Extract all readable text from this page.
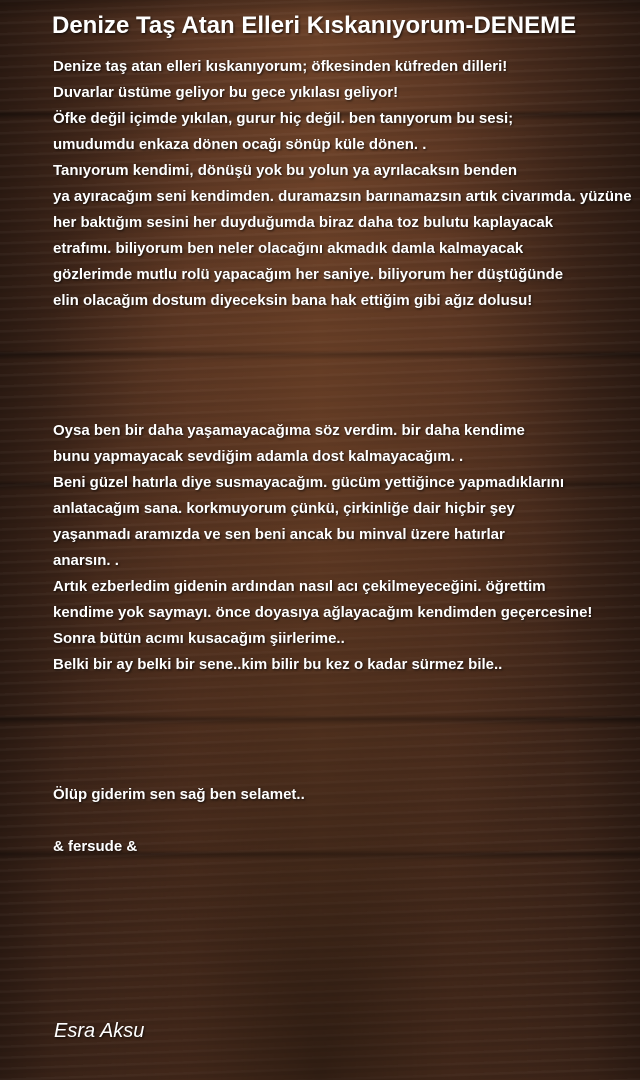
Denize Taş Atan Elleri Kıskanıyorum-DENEME
Denize taş atan elleri kıskanıyorum; öfkesinden küfreden dilleri!
Duvarlar üstüme geliyor bu gece yıkılası geliyor!
Öfke değil içimde yıkılan, gurur hiç değil. ben tanıyorum bu sesi;
umudumdu enkaza dönen ocağı sönüp küle dönen. .
Tanıyorum kendimi, dönüşü yok bu yolun ya ayrılacaksın benden
ya ayıracağım seni kendimden. duramazsın barınamazsın artık civarımda. yüzüne
her baktığım sesini her duyduğumda biraz daha toz bulutu kaplayacak
etrafımı. biliyorum ben neler olacağını akmadık damla kalmayacak
gözlerimde mutlu rolü yapacağım her saniye. biliyorum her düştüğünde
elin olacağım dostum diyeceksin bana hak ettiğim gibi ağız dolusu!
Oysa ben bir daha yaşamayacağıma söz verdim. bir daha kendime
bunu yapmayacak sevdiğim adamla dost kalmayacağım. .
Beni güzel hatırla diye susmayacağım. gücüm yettiğince yapmadıklarını
anlatacağım sana. korkmuyorum çünkü, çirkinliğe dair hiçbir şey
yaşanmadı aramızda ve sen beni ancak bu minval üzere hatırlar
anarsın. .
Artık ezberledim gidenin ardından nasıl acı çekilmeyeceğini. öğrettim
kendime yok saymayı. önce doyasıya ağlayacağım kendimden geçercesine!
Sonra bütün acımı kusacağım şiirlerime..
Belki bir ay belki bir sene..kim bilir bu kez o kadar sürmez bile..
Ölüp giderim sen sağ ben selamet..
& fersude &
Esra Aksu
